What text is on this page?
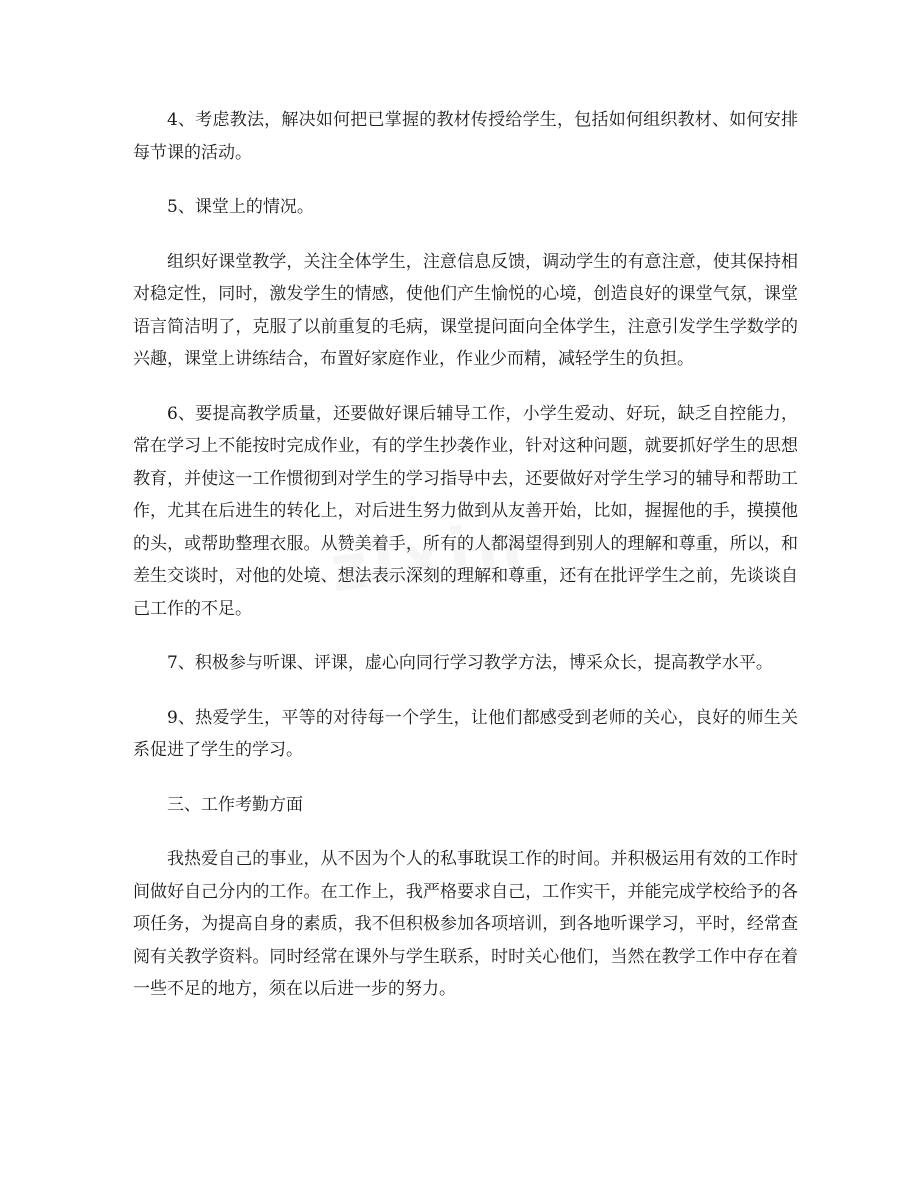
4、考虑教法，解决如何把已掌握的教材传授给学生，包括如何组织教材、如何安排每节课的活动。

5、课堂上的情况。

组织好课堂教学，关注全体学生，注意信息反馈，调动学生的有意注意，使其保持相对稳定性，同时，激发学生的情感，使他们产生愉悦的心境，创造良好的课堂气氛，课堂语言简洁明了，克服了以前重复的毛病，课堂提问面向全体学生，注意引发学生学数学的兴趣，课堂上讲练结合，布置好家庭作业，作业少而精，减轻学生的负担。

6、要提高教学质量，还要做好课后辅导工作，小学生爱动、好玩，缺乏自控能力，常在学习上不能按时完成作业，有的学生抄袭作业，针对这种问题，就要抓好学生的思想教育，并使这一工作惯彻到对学生的学习指导中去，还要做好对学生学习的辅导和帮助工作，尤其在后进生的转化上，对后进生努力做到从友善开始，比如，握握他的手，摸摸他的头，或帮助整理衣服。从赞美着手，所有的人都渴望得到别人的理解和尊重，所以，和差生交谈时，对他的处境、想法表示深刻的理解和尊重，还有在批评学生之前，先谈谈自己工作的不足。

7、积极参与听课、评课，虚心向同行学习教学方法，博采众长，提高教学水平。

9、热爱学生，平等的对待每一个学生，让他们都感受到老师的关心，良好的师生关系促进了学生的学习。

三、工作考勤方面

我热爱自己的事业，从不因为个人的私事耽误工作的时间。并积极运用有效的工作时间做好自己分内的工作。在工作上，我严格要求自己，工作实干，并能完成学校给予的各项任务，为提高自身的素质，我不但积极参加各项培训，到各地听课学习，平时，经常查阅有关教学资料。同时经常在课外与学生联系，时时关心他们，当然在教学工作中存在着一些不足的地方，须在以后进一步的努力。
